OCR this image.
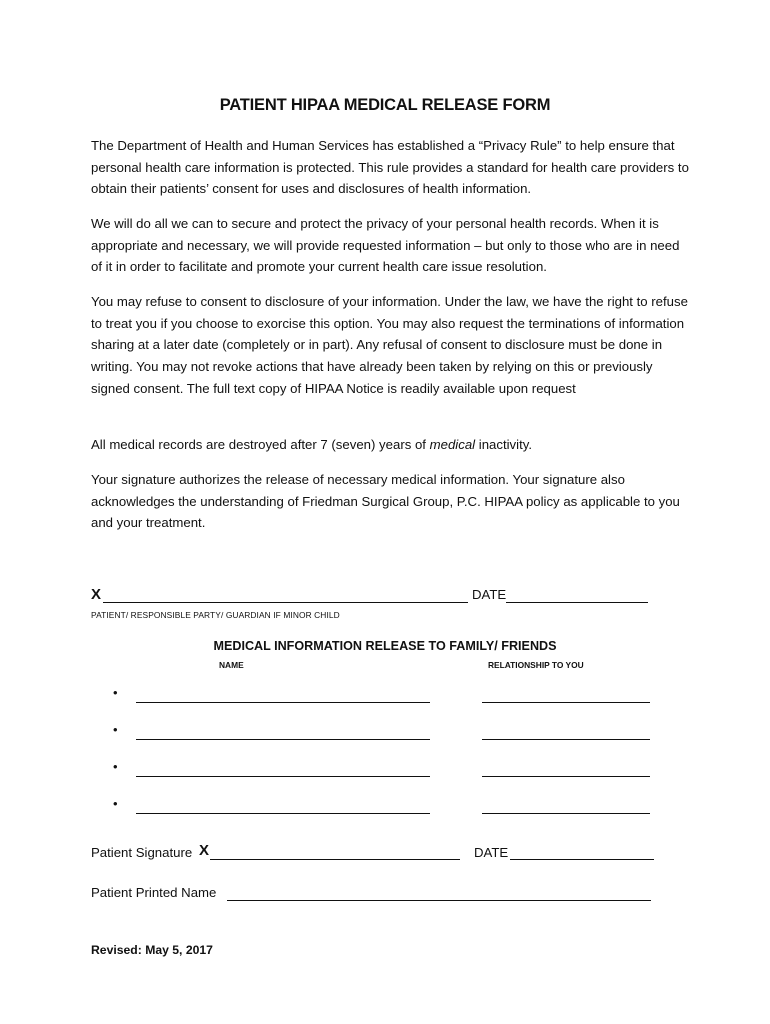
PATIENT HIPAA MEDICAL RELEASE FORM

The Department of Health and Human Services has established a “Privacy Rule” to help ensure that personal health care information is protected. This rule provides a standard for health care providers to obtain their patients’ consent for uses and disclosures of health information.

We will do all we can to secure and protect the privacy of your personal health records. When it is appropriate and necessary, we will provide requested information – but only to those who are in need of it in order to facilitate and promote your current health care issue resolution.

You may refuse to consent to disclosure of your information. Under the law, we have the right to refuse to treat you if you choose to exorcise this option. You may also request the terminations of information sharing at a later date (completely or in part). Any refusal of consent to disclosure must be done in writing. You may not revoke actions that have already been taken by relying on this or previously signed consent. The full text copy of HIPAA Notice is readily available upon request

All medical records are destroyed after 7 (seven) years of medical inactivity.

Your signature authorizes the release of necessary medical information. Your signature also acknowledges the understanding of Friedman Surgical Group, P.C. HIPAA policy as applicable to you and your treatment.

X	DATE
PATIENT/ RESPONSIBLE PARTY/ GUARDIAN IF MINOR CHILD
MEDICAL INFORMATION RELEASE TO FAMILY/ FRIENDS
NAME	RELATIONSHIP TO YOU
•
•
•
•
Patient Signature X	DATE
Patient Printed Name
Revised: May 5, 2017
